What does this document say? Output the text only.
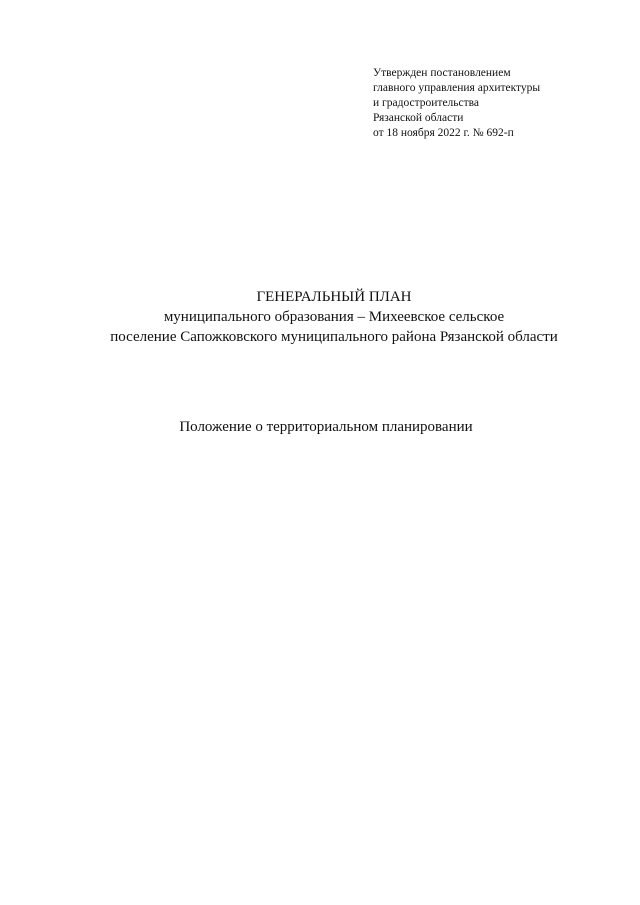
Утвержден постановлением
главного управления архитектуры
и градостроительства
Рязанской области
от 18 ноября 2022 г. № 692-п
ГЕНЕРАЛЬНЫЙ ПЛАН
муниципального образования – Михеевское сельское
поселение Сапожковского муниципального района Рязанской области
Положение о территориальном планировании
